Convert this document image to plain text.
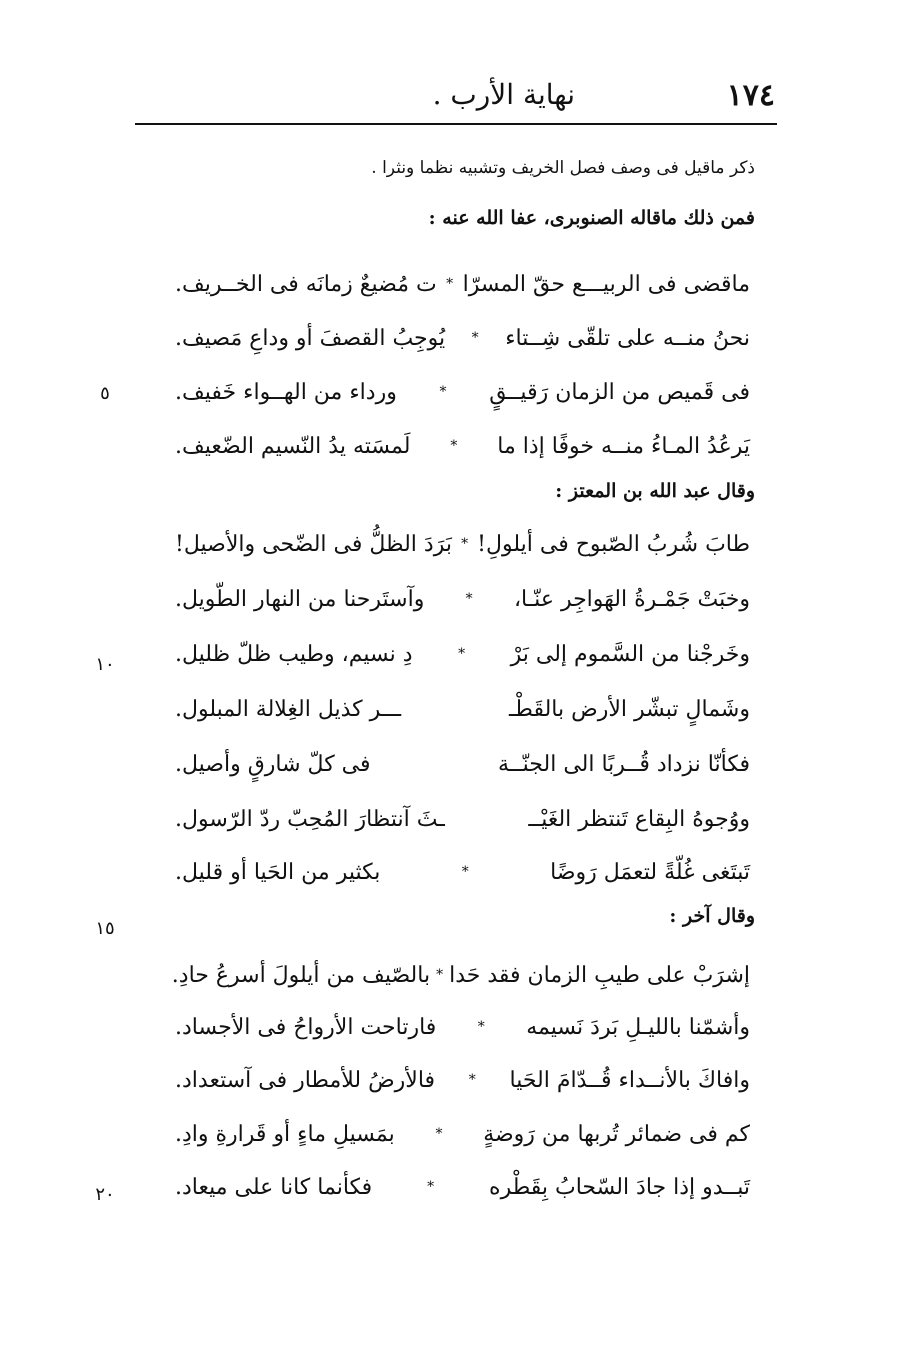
١٧٤
نهاية الأرب .
ذكر ماقيل فى وصف فصل الخريف وتشبيه نظما ونثرا .
فمن ذلك ماقاله الصنوبرى، عفا الله عنه :
ماقضى فى الربيـــع حقّ المسرّا
*
ت مُضيعٌ زمانَه فى الخــريف.
نحنُ منــه على تلقّى شِــتاء
*
يُوجِبُ القصفَ أو وداعِ مَصيف.
فى قَميص من الزمان رَقيــقٍ
*
ورداء من الهــواء خَفيف.
يَرعُدُ المـاءُ منــه خوفًا إذا ما
*
لَمسَته يدُ النّسيم الضّعيف.
وقال عبد الله بن المعتز :
طابَ شُربُ الصّبوح فى أيلولِ!
*
بَرَدَ الظلُّ فى الضّحى والأصيل!
وخبَتْ جَمْـرةُ الهَواجِر عنّـا،
*
وآستَرحنا من النهار الطّويل.
وخَرجْنا من السَّموم إلى بَرْ
*
دِ نسيم، وطيب ظلّ ظليل.
وشَمالٍ تبشّر الأرض بالقَطْـ
ـــر كذيل الغِلالة المبلول.
فكأنّا نزداد قُــربًا الى الجنّــة
فى كلّ شارقٍ وأصيل.
ووُجوهُ البِقاع تَنتظر الغَيْــ
ـثَ آنتظارَ المُحِبّ ردّ الرّسول.
تَبتَغى غُلّةً لتعمَل رَوضًا
*
بكثير من الحَيا أو قليل.
وقال آخر :
إشرَبْ على طيبِ الزمان فقد حَدا
*
بالصّيف من أيلولَ أسرعُ حادِ.
وأشمّنا بالليـلِ بَردَ نَسيمه
*
فارتاحت الأرواحُ فى الأجساد.
وافاكَ بالأنــداء قُــدّامَ الحَيا
*
فالأرضُ للأمطار فى آستعداد.
كم فى ضمائر تُربها من رَوضةٍ
*
بمَسيلِ ماءٍ أو قَرارةِ وادِ.
تَبــدو إذا جادَ السّحابُ بِقَطْره
*
فكأنما كانا على ميعاد.
٥
١٠
١٥
٢٠
